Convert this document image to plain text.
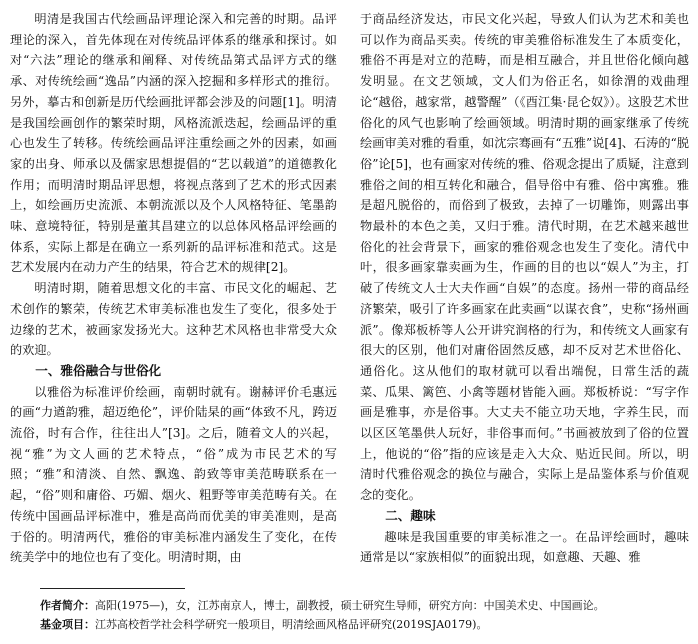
明清是我国古代绘画品评理论深入和完善的时期。品评理论的深入，首先体现在对传统品评体系的继承和探讨。如对“六法”理论的继承和阐释、对传统品第式品评方式的继承、对传统绘画“逸品”内涵的深入挖掘和多样形式的推衍。另外，摹古和创新是历代绘画批评都会涉及的问题[1]。明清是我国绘画创作的繁荣时期，风格流派迭起，绘画品评的重心也发生了转移。传统绘画品评注重绘画之外的因素，如画家的出身、师承以及儒家思想提倡的“艺以载道”的道德教化作用；而明清时期品评思想，将视点落到了艺术的形式因素上，如绘画历史流派、本朝流派以及个人风格特征、笔墨韵味、意境特征，特别是董其昌建立的以总体风格品评绘画的体系，实际上都是在确立一系列新的品评标准和范式。这是艺术发展内在动力产生的结果，符合艺术的规律[2]。

明清时期，随着思想文化的丰富、市民文化的崛起、艺术创作的繁荣，传统艺术审美标准也发生了变化，很多处于边缘的艺术，被画家发扬光大。这种艺术风格也非常受大众的欢迎。

一、雅俗融合与世俗化

以雅俗为标准评价绘画，南朝时就有。谢赫评价毛惠远的画“力遒韵雅，超迈绝伦”，评价陆杲的画“体致不凡，跨迈流俗，时有合作，往往出人”[3]。之后，随着文人的兴起，视“雅”为文人画的艺术特点，“俗”成为市民艺术的写照；“雅”和清淡、自然、飘逸、韵致等审美范畴联系在一起，“俗”则和庸俗、巧媚、烟火、粗野等审美范畴有关。在传统中国画品评标准中，雅是高尚而优美的审美准则，是高于俗的。明清两代，雅俗的审美标准内涵发生了变化，在传统美学中的地位也有了变化。明清时期，由

于商品经济发达，市民文化兴起，导致人们认为艺术和美也可以作为商品买卖。传统的审美雅俗标准发生了本质变化，雅俗不再是对立的范畴，而是相互融合，并且世俗化倾向越发明显。在文艺领域，文人们为俗正名，如徐渭的戏曲理论“越俗，越家常，越警醒”（《酉江集·昆仑奴》）。这股艺术世俗化的风气也影响了绘画领域。明清时期的画家继承了传统绘画审美对雅的看重，如沈宗骞画有“五雅”说[4]、石涛的“脱俗”论[5]，也有画家对传统的雅、俗观念提出了质疑，注意到雅俗之间的相互转化和融合，倡导俗中有雅、俗中寓雅。雅是超凡脱俗的，而俗到了极致，去掉了一切雕饰，则露出事物最朴的本色之美，又归于雅。清代时期，在艺术越来越世俗化的社会背景下，画家的雅俗观念也发生了变化。清代中叶，很多画家靠卖画为生，作画的目的也以“娱人”为主，打破了传统文人士大夫作画“自娱”的态度。扬州一带的商品经济繁荣，吸引了许多画家在此卖画“以谋衣食”，史称“扬州画派”。像郑板桥等人公开讲究润格的行为，和传统文人画家有很大的区别，他们对庸俗固然反感，却不反对艺术世俗化、通俗化。这从他们的取材就可以看出端倪，日常生活的蔬菜、瓜果、篱笆、小禽等题材皆能入画。郑板桥说：“写字作画是雅事，亦是俗事。大丈夫不能立功天地，字养生民，而以区区笔墨供人玩好，非俗事而何。”书画被放到了俗的位置上，他说的“俗”指的应该是走入大众、贴近民间。所以，明清时代雅俗观念的换位与融合，实际上是品鉴体系与价值观念的变化。

二、趣味

趣味是我国重要的审美标准之一。在品评绘画时，趣味通常是以“家族相似”的面貌出现，如意趣、天趣、雅

作者简介：高阳(1975—)，女，江苏南京人，博士，副教授，硕士研究生导师，研究方向：中国美术史、中国画论。
基金项目：江苏高校哲学社会科学研究一般项目，明清绘画风格品评研究(2019SJA0179)。
